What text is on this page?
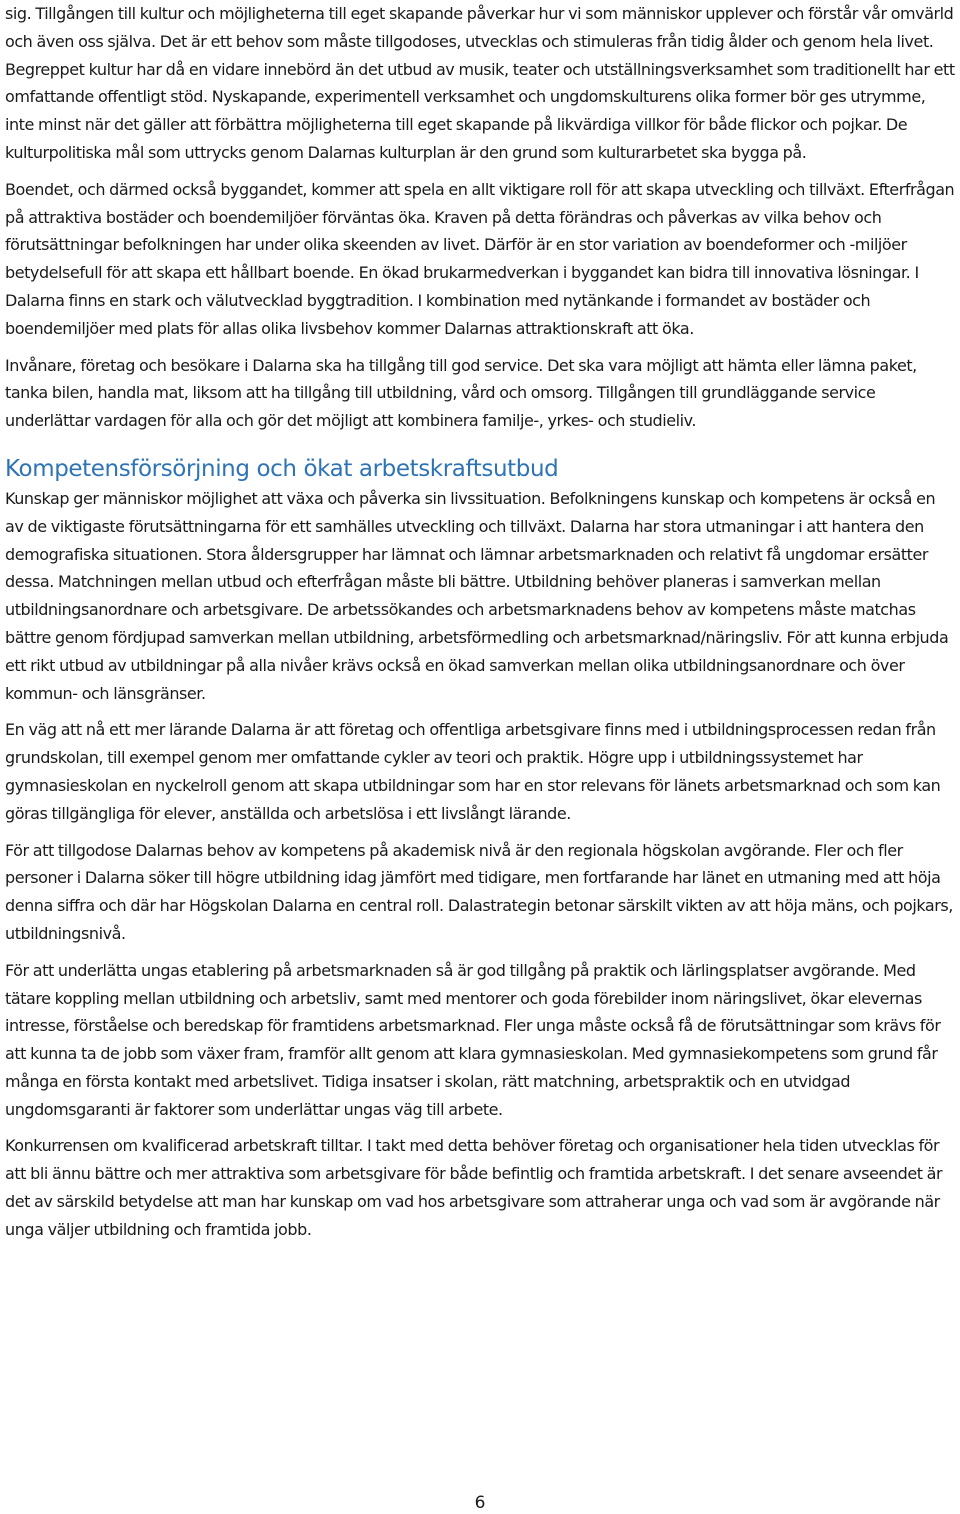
sig. Tillgången till kultur och möjligheterna till eget skapande påverkar hur vi som människor upplever och förstår vår omvärld och även oss själva. Det är ett behov som måste tillgodoses, utvecklas och stimuleras från tidig ålder och genom hela livet. Begreppet kultur har då en vidare innebörd än det utbud av musik, teater och utställningsverksamhet som traditionellt har ett omfattande offentligt stöd. Nyskapande, experimentell verksamhet och ungdomskulturens olika former bör ges utrymme, inte minst när det gäller att förbättra möjligheterna till eget skapande på likvärdiga villkor för både flickor och pojkar. De kulturpolitiska mål som uttrycks genom Dalarnas kulturplan är den grund som kulturarbetet ska bygga på.

Boendet, och därmed också byggandet, kommer att spela en allt viktigare roll för att skapa utveckling och tillväxt. Efterfrågan på attraktiva bostäder och boendemiljöer förväntas öka. Kraven på detta förändras och påverkas av vilka behov och förutsättningar befolkningen har under olika skeenden av livet. Därför är en stor variation av boendeformer och -miljöer betydelsefull för att skapa ett hållbart boende. En ökad brukarmedverkan i byggandet kan bidra till innovativa lösningar. I Dalarna finns en stark och välutvecklad byggtradition. I kombination med nytänkande i formandet av bostäder och boendemiljöer med plats för allas olika livsbehov kommer Dalarnas attraktionskraft att öka.

Invånare, företag och besökare i Dalarna ska ha tillgång till god service. Det ska vara möjligt att hämta eller lämna paket, tanka bilen, handla mat, liksom att ha tillgång till utbildning, vård och omsorg. Tillgången till grundläggande service underlättar vardagen för alla och gör det möjligt att kombinera familje-, yrkes- och studieliv.

Kompetensförsörjning och ökat arbetskraftsutbud

Kunskap ger människor möjlighet att växa och påverka sin livssituation. Befolkningens kunskap och kompetens är också en av de viktigaste förutsättningarna för ett samhälles utveckling och tillväxt. Dalarna har stora utmaningar i att hantera den demografiska situationen. Stora åldersgrupper har lämnat och lämnar arbetsmarknaden och relativt få ungdomar ersätter dessa. Matchningen mellan utbud och efterfrågan måste bli bättre. Utbildning behöver planeras i samverkan mellan utbildningsanordnare och arbetsgivare. De arbetssökandes och arbetsmarknadens behov av kompetens måste matchas bättre genom fördjupad samverkan mellan utbildning, arbetsförmedling och arbetsmarknad/näringsliv. För att kunna erbjuda ett rikt utbud av utbildningar på alla nivåer krävs också en ökad samverkan mellan olika utbildningsanordnare och över kommun- och länsgränser.

En väg att nå ett mer lärande Dalarna är att företag och offentliga arbetsgivare finns med i utbildningsprocessen redan från grundskolan, till exempel genom mer omfattande cykler av teori och praktik. Högre upp i utbildningssystemet har gymnasieskolan en nyckelroll genom att skapa utbildningar som har en stor relevans för länets arbetsmarknad och som kan göras tillgängliga för elever, anställda och arbetslösa i ett livslångt lärande.

För att tillgodose Dalarnas behov av kompetens på akademisk nivå är den regionala högskolan avgörande. Fler och fler personer i Dalarna söker till högre utbildning idag jämfört med tidigare, men fortfarande har länet en utmaning med att höja denna siffra och där har Högskolan Dalarna en central roll. Dalastrategin betonar särskilt vikten av att höja mäns, och pojkars, utbildningsnivå.

För att underlätta ungas etablering på arbetsmarknaden så är god tillgång på praktik och lärlingsplatser avgörande. Med tätare koppling mellan utbildning och arbetsliv, samt med mentorer och goda förebilder inom näringslivet, ökar elevernas intresse, förståelse och beredskap för framtidens arbetsmarknad. Fler unga måste också få de förutsättningar som krävs för att kunna ta de jobb som växer fram, framför allt genom att klara gymnasieskolan. Med gymnasiekompetens som grund får många en första kontakt med arbetslivet. Tidiga insatser i skolan, rätt matchning, arbetspraktik och en utvidgad ungdomsgaranti är faktorer som underlättar ungas väg till arbete.

Konkurrensen om kvalificerad arbetskraft tilltar. I takt med detta behöver företag och organisationer hela tiden utvecklas för att bli ännu bättre och mer attraktiva som arbetsgivare för både befintlig och framtida arbetskraft. I det senare avseendet är det av särskild betydelse att man har kunskap om vad hos arbetsgivare som attraherar unga och vad som är avgörande när unga väljer utbildning och framtida jobb.

6
